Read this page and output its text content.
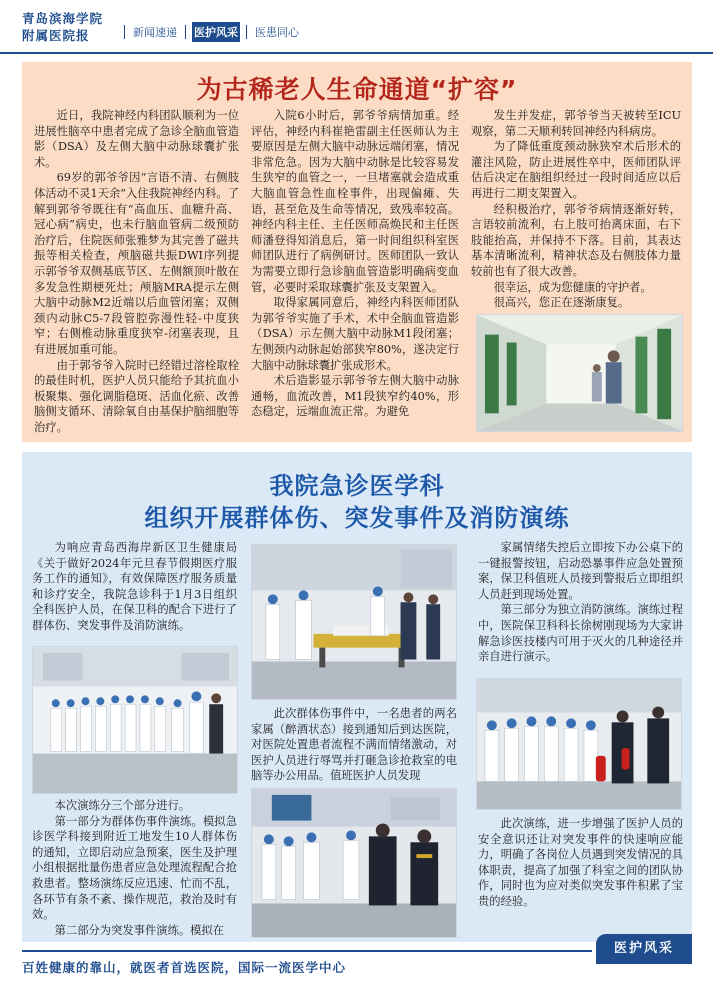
青岛滨海学院
附属医院报	新闻速递 医护风采 医患同心
为古稀老人生命通道“扩容”

近日，我院神经内科团队顺利为一位进展性脑卒中患者完成了急诊全脑血管造影（DSA）及左侧大脑中动脉球囊扩张术。

69岁的郭爷爷因“言语不清、右侧肢体活动不灵1天余”入住我院神经内科。了解到郭爷爷既往有“高血压、血糖升高、冠心病”病史，也未行脑血管病二级预防治疗后，住院医师张雅梦为其完善了磁共振等相关检查，颅脑磁共振DWI序列提示郭爷爷双侧基底节区、左侧额顶叶散在多发急性期梗死灶；颅脑MRA提示左侧大脑中动脉M2近端以后血管闭塞；双侧颈内动脉C5-7段管腔弥漫性轻-中度狭窄；右侧椎动脉重度狭窄-闭塞表现，且有进展加重可能。

由于郭爷爷入院时已经错过溶栓取栓的最佳时机，医护人员只能给予其抗血小板聚集、强化调脂稳斑、活血化瘀、改善脑侧支循环、清除氧自由基保护脑细胞等治疗。

入院6小时后，郭爷爷病情加重。经评估，神经内科崔艳雷副主任医师认为主要原因是左侧大脑中动脉远端闭塞，情况非常危急。因为大脑中动脉是比较容易发生狭窄的血管之一，一旦堵塞就会造成重大脑血管急性血栓事件，出现偏瘫、失语，甚至危及生命等情况，致残率较高。神经内科主任、主任医师高焕民和主任医师潘登得知消息后，第一时间组织科室医师团队进行了病例研讨。医师团队一致认为需要立即行急诊脑血管造影明确病变血管，必要时采取球囊扩张及支架置入。

取得家属同意后，神经内科医师团队为郭爷爷实施了手术，术中全脑血管造影（DSA）示左侧大脑中动脉M1段闭塞；左侧颈内动脉起始部狭窄80%，遂决定行大脑中动脉球囊扩张成形术。

术后造影显示郭爷爷左侧大脑中动脉通畅，血流改善，M1段狭窄约40%，形态稳定，远端血流正常。为避免

发生并发症，郭爷爷当天被转至ICU观察，第二天顺利转回神经内科病房。

为了降低重度颈动脉狭窄术后形术的灌注风险，防止进展性卒中，医师团队评估后决定在脑组织经过一段时间适应以后再进行二期支架置入。

经积极治疗，郭爷爷病情逐渐好转，言语较前流利，右上肢可抬离床面，右下肢能抬高，并保持不下落。目前，其表达基本清晰流利，精神状态及右侧肢体力量较前也有了很大改善。

很幸运，成为您健康的守护者。

很高兴，您正在逐渐康复。

我院急诊医学科
组织开展群体伤、突发事件及消防演练

为响应青岛西海岸新区卫生健康局《关于做好2024年元旦春节假期医疗服务工作的通知》，有效保障医疗服务质量和诊疗安全，我院急诊科于1月3日组织全科医护人员，在保卫科的配合下进行了群体伤、突发事件及消防演练。

本次演练分三个部分进行。

第一部分为群体伤事件演练。模拟急诊医学科接到附近工地发生10人群体伤的通知，立即启动应急预案，医生及护理小组根据批量伤患者应急处理流程配合抢救患者。整场演练反应迅速、忙而不乱，各环节有条不紊、操作规范，救治及时有效。

第二部分为突发事件演练。模拟在

此次群体伤事件中，一名患者的两名家属（醉酒状态）接到通知后到达医院，对医院处置患者流程不满而情绪激动，对医护人员进行辱骂并打砸急诊抢救室的电脑等办公用品。值班医护人员发现

家属情绪失控后立即按下办公桌下的一键报警按钮，启动恐暴事件应急处置预案，保卫科值班人员接到警报后立即组织人员赶到现场处置。

第三部分为独立消防演练。演练过程中，医院保卫科科长徐树刚现场为大家讲解急诊医技楼内可用于灭火的几种途径并亲自进行演示。

此次演练，进一步增强了医护人员的安全意识还让对突发事件的快速响应能力，明确了各岗位人员遇到突发情况的具体职责，提高了加强了科室之间的团队协作，同时也为应对类似突发事件积累了宝贵的经验。

医护风采
百姓健康的靠山，就医者首选医院，国际一流医学中心
